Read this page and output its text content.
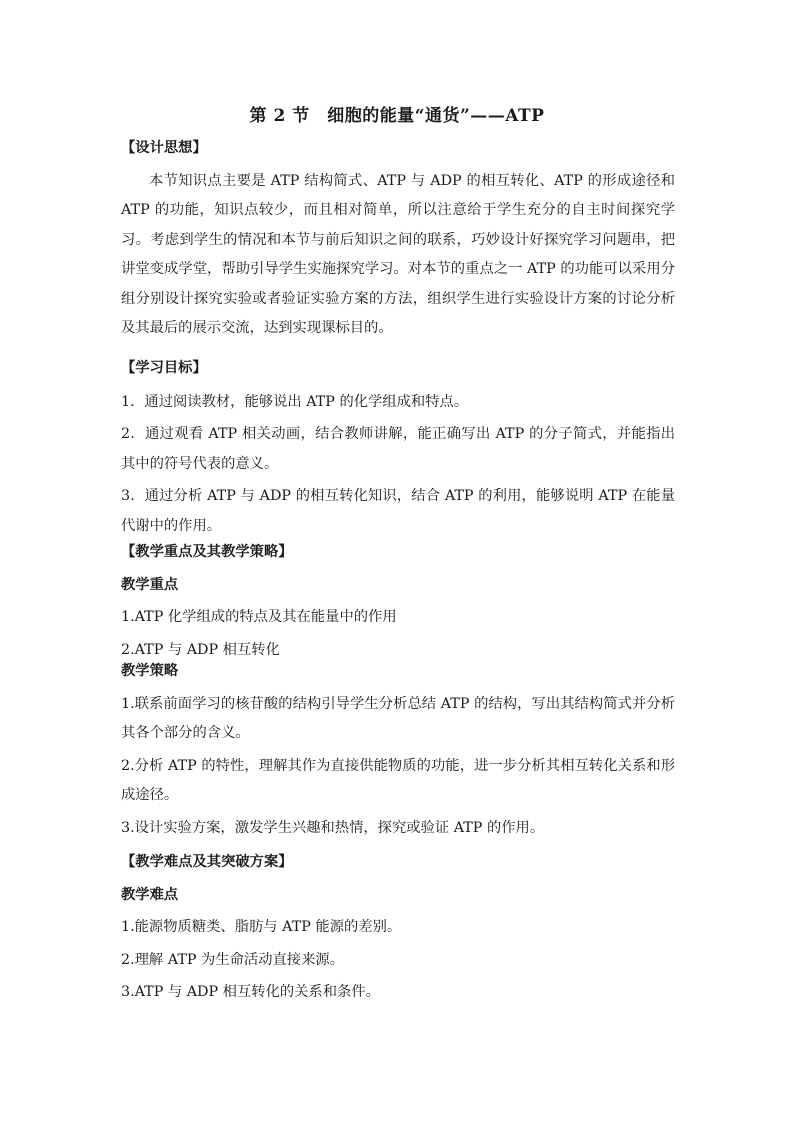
第 2 节　细胞的能量“通货”——ATP
【设计思想】
本节知识点主要是 ATP 结构简式、ATP 与 ADP 的相互转化、ATP 的形成途径和 ATP 的功能，知识点较少，而且相对简单，所以注意给于学生充分的自主时间探究学习。考虑到学生的情况和本节与前后知识之间的联系，巧妙设计好探究学习问题串，把讲堂变成学堂，帮助引导学生实施探究学习。对本节的重点之一 ATP 的功能可以采用分组分别设计探究实验或者验证实验方案的方法，组织学生进行实验设计方案的讨论分析及其最后的展示交流，达到实现课标目的。
【学习目标】
1．通过阅读教材，能够说出 ATP 的化学组成和特点。
2．通过观看 ATP 相关动画，结合教师讲解，能正确写出 ATP 的分子简式，并能指出其中的符号代表的意义。
3．通过分析 ATP 与 ADP 的相互转化知识，结合 ATP 的利用，能够说明 ATP 在能量代谢中的作用。
【教学重点及其教学策略】
教学重点
1.ATP 化学组成的特点及其在能量中的作用
2.ATP 与 ADP 相互转化
教学策略
1.联系前面学习的核苷酸的结构引导学生分析总结 ATP 的结构，写出其结构简式并分析其各个部分的含义。
2.分析 ATP 的特性，理解其作为直接供能物质的功能，进一步分析其相互转化关系和形成途径。
3.设计实验方案，激发学生兴趣和热情，探究或验证 ATP 的作用。
【教学难点及其突破方案】
教学难点
1.能源物质糖类、脂肪与 ATP 能源的差别。
2.理解 ATP 为生命活动直接来源。
3.ATP 与 ADP 相互转化的关系和条件。
